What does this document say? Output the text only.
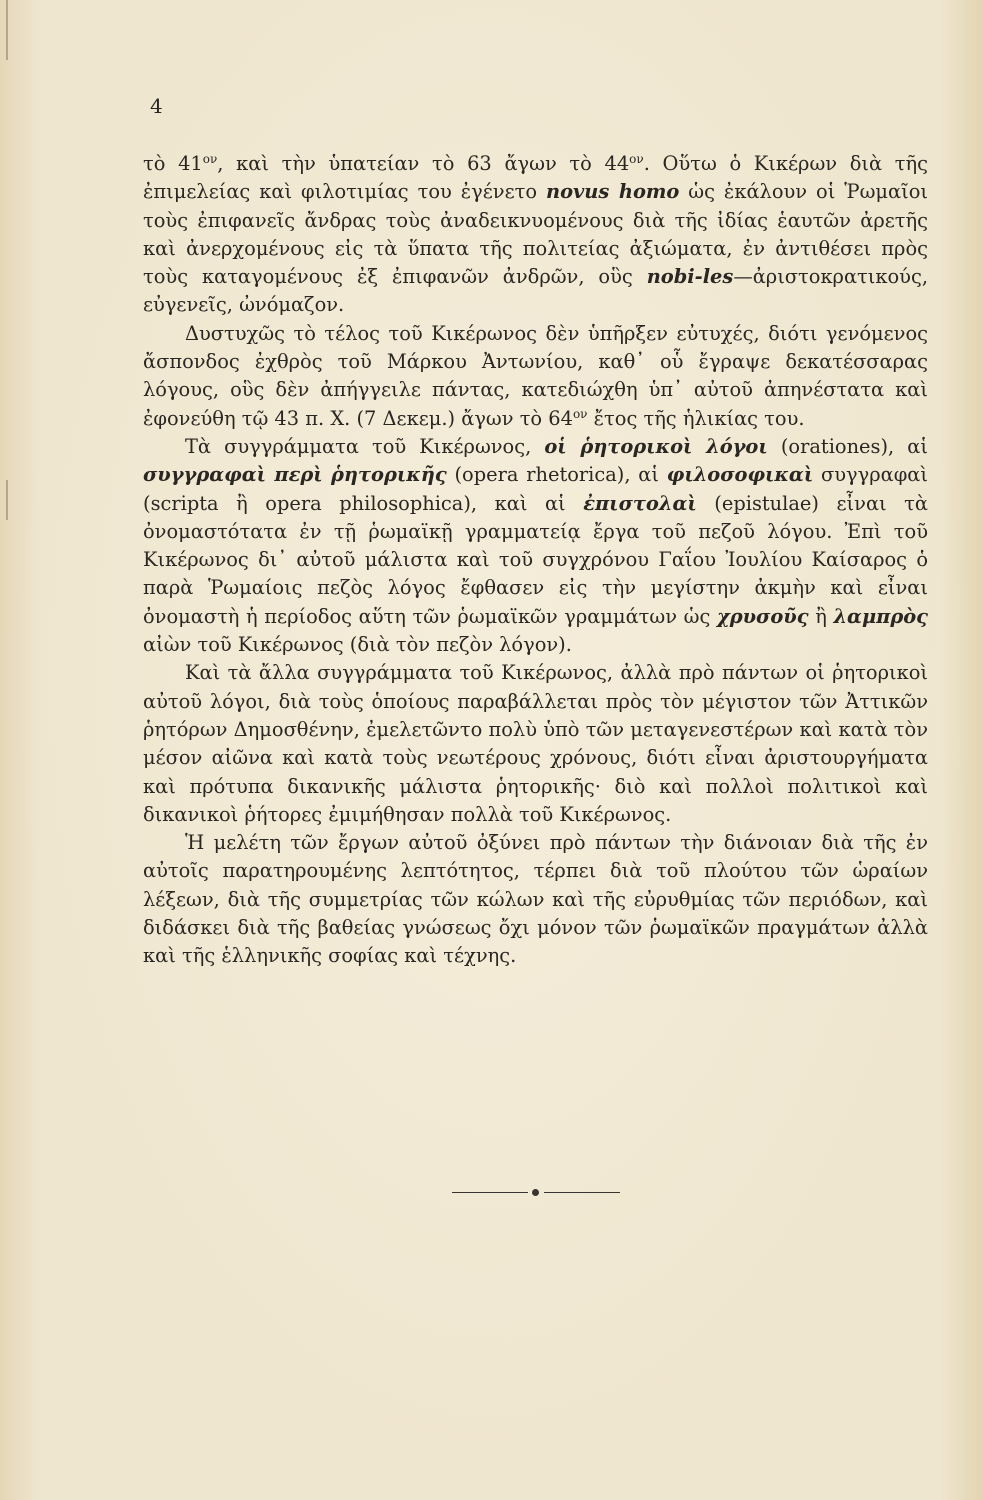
4

τὸ $41^{o\nu}$, καὶ τὴν ὑπατείαν τὸ 63 ἄγων τὸ $44^{o\nu}$. Οὕτω ὁ Κικέρων διὰ τῆς ἐπιμελείας καὶ φιλοτιμίας του ἐγένετο novus homo ὡς ἐκάλουν οἱ Ῥωμαῖοι τοὺς ἐπιφανεῖς ἄνδρας τοὺς ἀναδεικνυομένους διὰ τῆς ἰδίας ἑαυτῶν ἀρετῆς καὶ ἀνερχομένους εἰς τὰ ὕπατα τῆς πολιτείας ἀξιώματα, ἐν ἀντιθέσει πρὸς τοὺς καταγομένους ἐξ ἐπιφανῶν ἀνδρῶν, οὓς nobi-les—ἀριστοκρατικούς, εὐγενεῖς, ὠνόμαζον.

Δυστυχῶς τὸ τέλος τοῦ Κικέρωνος δὲν ὑπῆρξεν εὐτυχές, διότι γενόμενος ἄσπονδος ἐχθρὸς τοῦ Μάρκου Ἀντωνίου, καθ᾿ οὗ ἔγραψε δεκατέσσαρας λόγους, οὓς δὲν ἀπήγγειλε πάντας, κατεδιώχθη ὑπ᾿ αὐτοῦ ἀπηνέστατα καὶ ἐφονεύθη τῷ 43 π. Χ. (7 Δεκεμ.) ἄγων τὸ $64^{o\nu}$ ἔτος τῆς ἡλικίας του.

Τὰ συγγράμματα τοῦ Κικέρωνος, οἱ ῥητορικοὶ λόγοι (orationes), αἱ συγγραφαὶ περὶ ῥητορικῆς (opera rhetorica), αἱ φιλοσοφικαὶ συγγραφαὶ (scripta ἢ opera philosophica), καὶ αἱ ἐπιστολαὶ (epistulae) εἶναι τὰ ὀνομαστότατα ἐν τῇ ῥωμαϊκῇ γραμματείᾳ ἔργα τοῦ πεζοῦ λόγου. Ἐπὶ τοῦ Κικέρωνος δι᾿ αὐτοῦ μάλιστα καὶ τοῦ συγχρόνου Γαΐου Ἰουλίου Καίσαρος ὁ παρὰ Ῥωμαίοις πεζὸς λόγος ἔφθασεν εἰς τὴν μεγίστην ἀκμὴν καὶ εἶναι ὀνομαστὴ ἡ περίοδος αὕτη τῶν ῥωμαϊκῶν γραμμάτων ὡς χρυσοῦς ἢ λαμπρὸς αἰὼν τοῦ Κικέρωνος (διὰ τὸν πεζὸν λόγον).

Καὶ τὰ ἄλλα συγγράμματα τοῦ Κικέρωνος, ἀλλὰ πρὸ πάντων οἱ ῥητορικοὶ αὐτοῦ λόγοι, διὰ τοὺς ὁποίους παραβάλλεται πρὸς τὸν μέγιστον τῶν Ἀττικῶν ῥητόρων Δημοσθένην, ἐμελετῶντο πολὺ ὑπὸ τῶν μεταγενεστέρων καὶ κατὰ τὸν μέσον αἰῶνα καὶ κατὰ τοὺς νεωτέρους χρόνους, διότι εἶναι ἀριστουργήματα καὶ πρότυπα δικανικῆς μάλιστα ῥητορικῆς· διὸ καὶ πολλοὶ πολιτικοὶ καὶ δικανικοὶ ῥήτορες ἐμιμήθησαν πολλὰ τοῦ Κικέρωνος.

Ἡ μελέτη τῶν ἔργων αὐτοῦ ὀξύνει πρὸ πάντων τὴν διάνοιαν διὰ τῆς ἐν αὐτοῖς παρατηρουμένης λεπτότητος, τέρπει διὰ τοῦ πλούτου τῶν ὡραίων λέξεων, διὰ τῆς συμμετρίας τῶν κώλων καὶ τῆς εὐρυθμίας τῶν περιόδων, καὶ διδάσκει διὰ τῆς βαθείας γνώσεως ὄχι μόνον τῶν ῥωμαϊκῶν πραγμάτων ἀλλὰ καὶ τῆς ἑλληνικῆς σοφίας καὶ τέχνης.
